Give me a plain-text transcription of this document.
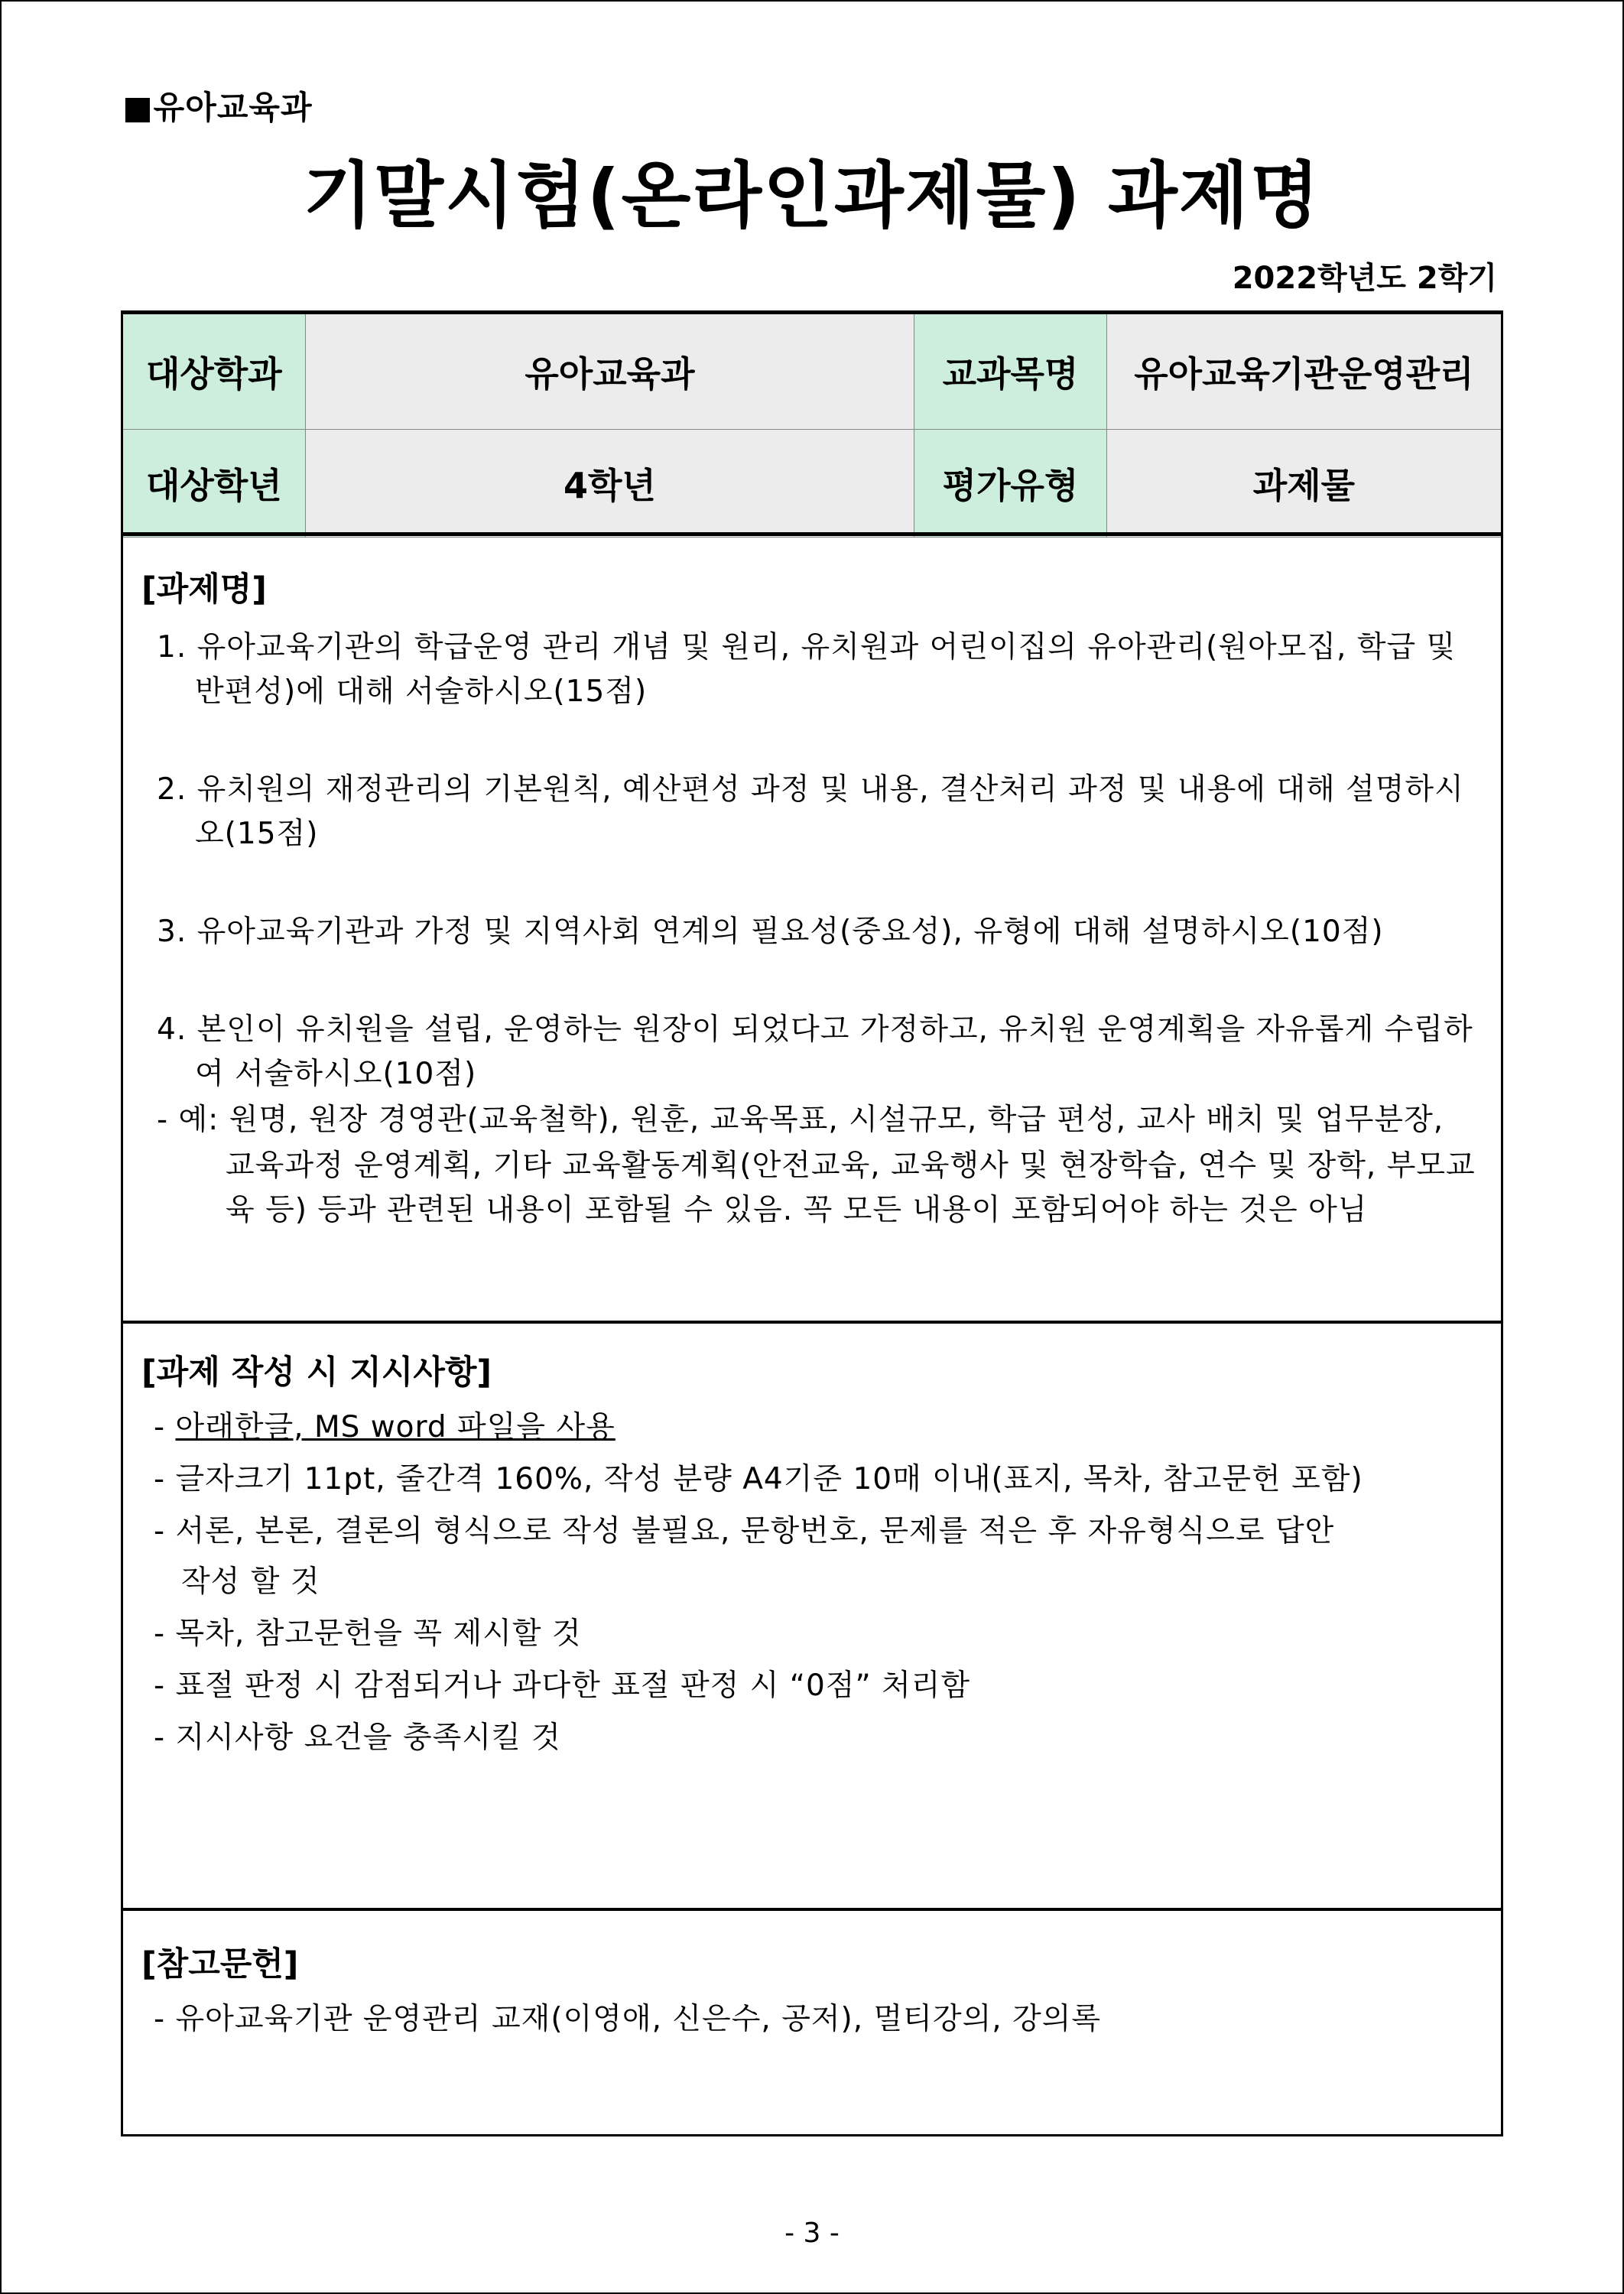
■유아교육과
기말시험(온라인과제물) 과제명
2022학년도 2학기
대상학과	유아교육과	교과목명	유아교육기관운영관리
대상학년	4학년	평가유형	과제물
[과제명]
1. 유아교육기관의 학급운영 관리 개념 및 원리, 유치원과 어린이집의 유아관리(원아모집, 학급 및
반편성)에 대해 서술하시오(15점)
2. 유치원의 재정관리의 기본원칙, 예산편성 과정 및 내용, 결산처리 과정 및 내용에 대해 설명하시
오(15점)
3. 유아교육기관과 가정 및 지역사회 연계의 필요성(중요성), 유형에 대해 설명하시오(10점)
4. 본인이 유치원을 설립, 운영하는 원장이 되었다고 가정하고, 유치원 운영계획을 자유롭게 수립하
여 서술하시오(10점)
- 예: 원명, 원장 경영관(교육철학), 원훈, 교육목표, 시설규모, 학급 편성, 교사 배치 및 업무분장,
교육과정 운영계획, 기타 교육활동계획(안전교육, 교육행사 및 현장학습, 연수 및 장학, 부모교
육 등) 등과 관련된 내용이 포함될 수 있음. 꼭 모든 내용이 포함되어야 하는 것은 아님
[과제 작성 시 지시사항]
- 아래한글, MS word 파일을 사용
- 글자크기 11pt, 줄간격 160%, 작성 분량 A4기준 10매 이내(표지, 목차, 참고문헌 포함)
- 서론, 본론, 결론의 형식으로 작성 불필요, 문항번호, 문제를 적은 후 자유형식으로 답안
작성 할 것
- 목차, 참고문헌을 꼭 제시할 것
- 표절 판정 시 감점되거나 과다한 표절 판정 시 “0점” 처리함
- 지시사항 요건을 충족시킬 것
[참고문헌]
- 유아교육기관 운영관리 교재(이영애, 신은수, 공저), 멀티강의, 강의록
- 3 -
